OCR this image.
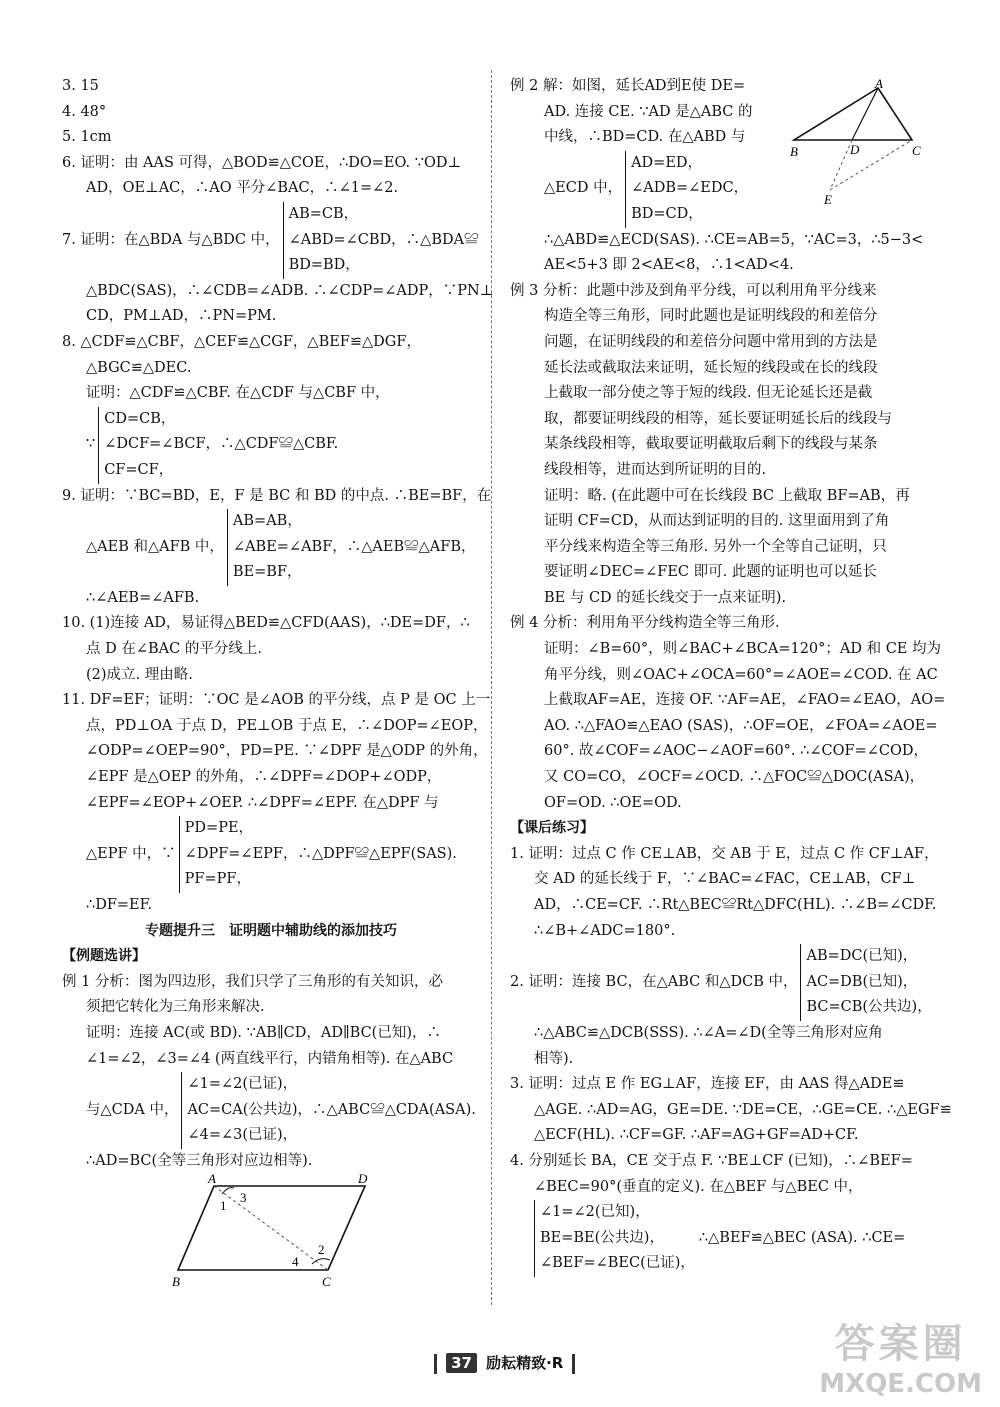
3. 15
4. 48°
5. 1cm
6. 证明：由 AAS 可得，△BOD≌△COE，∴DO=EO. ∵OD⊥
AD，OE⊥AC，∴AO 平分∠BAC，∴∠1=∠2.
7. 证明：在△BDA 与△BDC 中，
AB=CB，
∠ABD=∠CBD，∴△BDA≌
BD=BD，
△BDC(SAS)，∴∠CDB=∠ADB. ∴∠CDP=∠ADP，∵PN⊥
CD，PM⊥AD，∴PN=PM.
8. △CDF≌△CBF，△CEF≌△CGF，△BEF≌△DGF，
△BGC≌△DEC.
证明：△CDF≌△CBF. 在△CDF 与△CBF 中，
∵
CD=CB，
∠DCF=∠BCF，∴△CDF≌△CBF.
CF=CF，
9. 证明：∵BC=BD，E，F 是 BC 和 BD 的中点. ∴BE=BF，在
△AEB 和△AFB 中，
AB=AB，
∠ABE=∠ABF，∴△AEB≌△AFB，
BE=BF，
∴∠AEB=∠AFB.
10. (1)连接 AD，易证得△BED≌△CFD(AAS)，∴DE=DF，∴
点 D 在∠BAC 的平分线上.
(2)成立. 理由略.
11. DF=EF；证明：∵OC 是∠AOB 的平分线，点 P 是 OC 上一
点，PD⊥OA 于点 D，PE⊥OB 于点 E，∴∠DOP=∠EOP，
∠ODP=∠OEP=90°，PD=PE. ∵∠DPF 是△ODP 的外角，
∠EPF 是△OEP 的外角，∴∠DPF=∠DOP+∠ODP，
∠EPF=∠EOP+∠OEP. ∴∠DPF=∠EPF. 在△DPF 与
△EPF 中，∵
PD=PE，
∠DPF=∠EPF，∴△DPF≌△EPF(SAS).
PF=PF，
∴DF=EF.
专题提升三　证明题中辅助线的添加技巧
【例题选讲】
例 1 分析：图为四边形，我们只学了三角形的有关知识，必
须把它转化为三角形来解决.
证明：连接 AC(或 BD). ∵AB∥CD，AD∥BC(已知)，∴
∠1=∠2，∠3=∠4 (两直线平行，内错角相等). 在△ABC
与△CDA 中，
∠1=∠2(已证)，
AC=CA(公共边)，∴△ABC≌△CDA(ASA).
∠4=∠3(已证)，
∴AD=BC(全等三角形对应边相等).
A	D
B	C
1
3
2
4
例 2 解：如图，延长AD到E使 DE=
AD. 连接 CE. ∵AD 是△ABC 的
中线，∴BD=CD. 在△ABD 与
△ECD 中，
AD=ED，
∠ADB=∠EDC，
BD=CD，
∴△ABD≌△ECD(SAS). ∴CE=AB=5，∵AC=3，∴5−3<
AE<5+3 即 2<AE<8，∴1<AD<4.
例 3 分析：此题中涉及到角平分线，可以利用角平分线来
构造全等三角形，同时此题也是证明线段的和差倍分
问题，在证明线段的和差倍分问题中常用到的方法是
延长法或截取法来证明，延长短的线段或在长的线段
上截取一部分使之等于短的线段. 但无论延长还是截
取，都要证明线段的相等，延长要证明延长后的线段与
某条线段相等，截取要证明截取后剩下的线段与某条
线段相等，进而达到所证明的目的.
证明：略. (在此题中可在长线段 BC 上截取 BF=AB，再
证明 CF=CD，从而达到证明的目的. 这里面用到了角
平分线来构造全等三角形. 另外一个全等自己证明，只
要证明∠DEC=∠FEC 即可. 此题的证明也可以延长
BE 与 CD 的延长线交于一点来证明).
例 4 分析：利用角平分线构造全等三角形.
证明：∠B=60°，则∠BAC+∠BCA=120°；AD 和 CE 均为
角平分线，则∠OAC+∠OCA=60°=∠AOE=∠COD. 在 AC
上截取AF=AE，连接 OF. ∵AF=AE，∠FAO=∠EAO，AO=
AO. ∴△FAO≌△EAO (SAS)，∴OF=OE，∠FOA=∠AOE=
60°. 故∠COF=∠AOC−∠AOF=60°. ∴∠COF=∠COD，
又 CO=CO，∠OCF=∠OCD. ∴△FOC≌△DOC(ASA)，
OF=OD. ∴OE=OD.
【课后练习】
1. 证明：过点 C 作 CE⊥AB，交 AB 于 E，过点 C 作 CF⊥AF，
交 AD 的延长线于 F，∵∠BAC=∠FAC，CE⊥AB，CF⊥
AD，∴CE=CF. ∴Rt△BEC≌Rt△DFC(HL). ∴∠B=∠CDF.
∴∠B+∠ADC=180°.
2. 证明：连接 BC，在△ABC 和△DCB 中，
AB=DC(已知)，
AC=DB(已知)，
BC=CB(公共边)，
∴△ABC≌△DCB(SSS). ∴∠A=∠D(全等三角形对应角
相等).
3. 证明：过点 E 作 EG⊥AF，连接 EF，由 AAS 得△ADE≌
△AGE. ∴AD=AG，GE=DE. ∵DE=CE，∴GE=CE. ∴△EGF≌
△ECF(HL). ∴CF=GF. ∴AF=AG+GF=AD+CF.
4. 分别延长 BA，CE 交于点 F. ∵BE⊥CF (已知)，∴∠BEF=
∠BEC=90°(垂直的定义). 在△BEF 与△BEC 中，
∠1=∠2(已知)，
BE=BE(公共边)，
∠BEF=∠BEC(已证)，
∴△BEF≌△BEC (ASA). ∴CE=
A
B	D	C
E
37 励耘精致·R	答案圈
MXQE.COM
